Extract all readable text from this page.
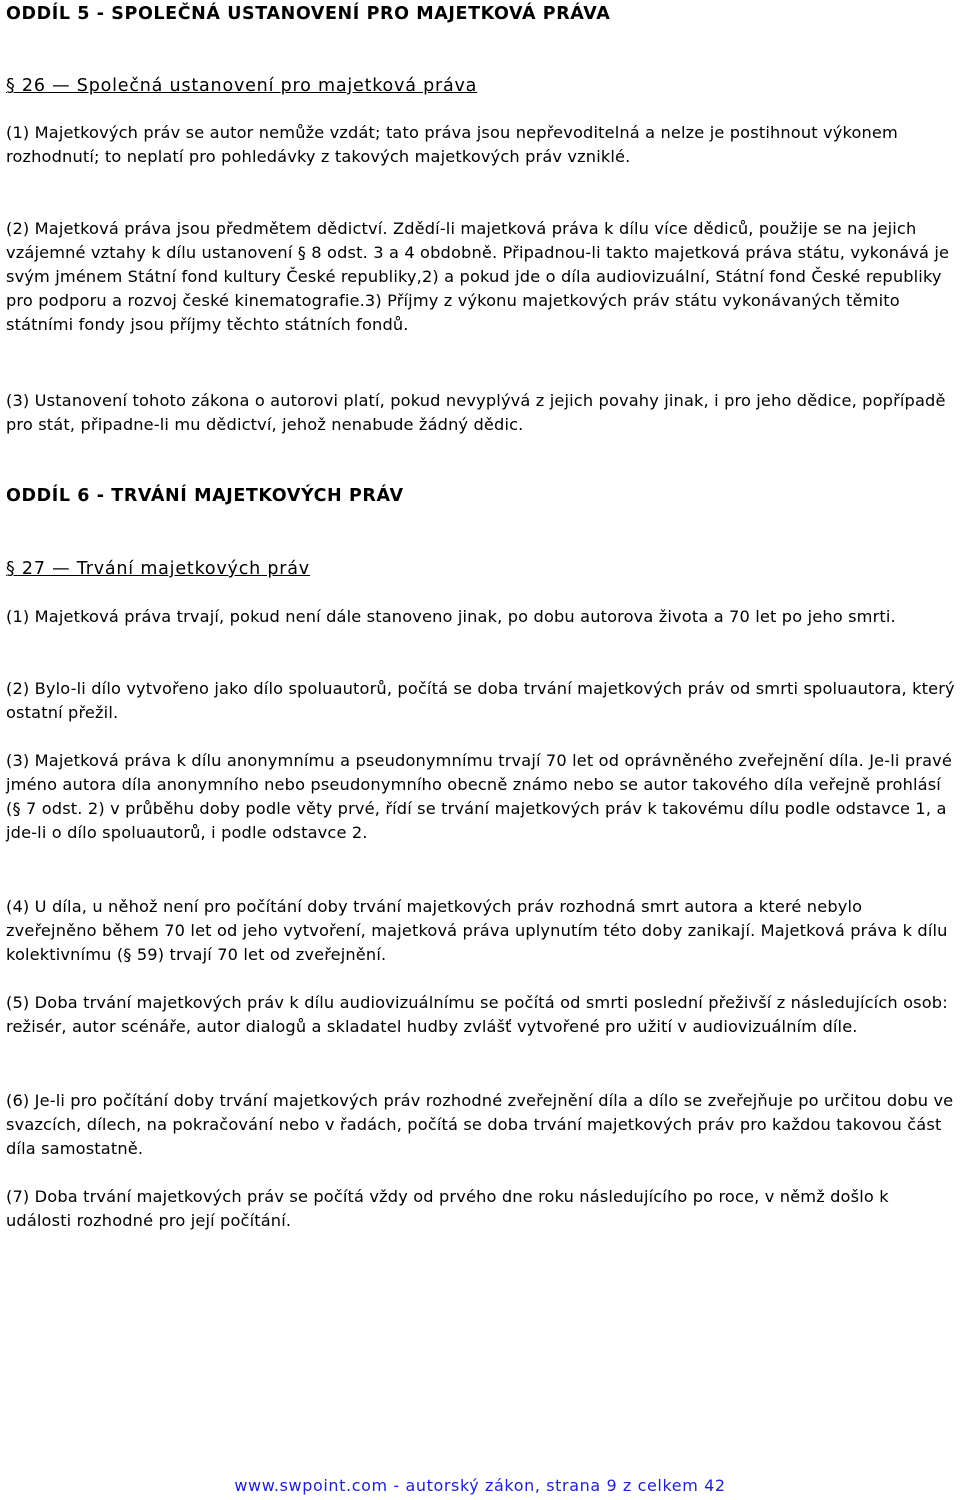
ODDÍL 5 - SPOLEČNÁ USTANOVENÍ PRO MAJETKOVÁ PRÁVA
§ 26 — Společná ustanovení pro majetková práva
(1) Majetkových práv se autor nemůže vzdát; tato práva jsou nepřevoditelná a nelze je postihnout výkonem rozhodnutí; to neplatí pro pohledávky z takových majetkových práv vzniklé.
(2) Majetková práva jsou předmětem dědictví. Zdědí-li majetková práva k dílu více dědiců, použije se na jejich vzájemné vztahy k dílu ustanovení § 8 odst. 3 a 4 obdobně. Připadnou-li takto majetková práva státu, vykonává je svým jménem Státní fond kultury České republiky,2) a pokud jde o díla audiovizuální, Státní fond České republiky pro podporu a rozvoj české kinematografie.3) Příjmy z výkonu majetkových práv státu vykonávaných těmito státními fondy jsou příjmy těchto státních fondů.
(3) Ustanovení tohoto zákona o autorovi platí, pokud nevyplývá z jejich povahy jinak, i pro jeho dědice, popřípadě pro stát, připadne-li mu dědictví, jehož nenabude žádný dědic.
ODDÍL 6 - TRVÁNÍ MAJETKOVÝCH PRÁV
§ 27 — Trvání majetkových práv
(1) Majetková práva trvají, pokud není dále stanoveno jinak, po dobu autorova života a 70 let po jeho smrti.
(2) Bylo-li dílo vytvořeno jako dílo spoluautorů, počítá se doba trvání majetkových práv od smrti spoluautora, který ostatní přežil.
(3) Majetková práva k dílu anonymnímu a pseudonymnímu trvají 70 let od oprávněného zveřejnění díla. Je-li pravé jméno autora díla anonymního nebo pseudonymního obecně známo nebo se autor takového díla veřejně prohlásí (§ 7 odst. 2) v průběhu doby podle věty prvé, řídí se trvání majetkových práv k takovému dílu podle odstavce 1, a jde-li o dílo spoluautorů, i podle odstavce 2.
(4) U díla, u něhož není pro počítání doby trvání majetkových práv rozhodná smrt autora a které nebylo zveřejněno během 70 let od jeho vytvoření, majetková práva uplynutím této doby zanikají. Majetková práva k dílu kolektivnímu (§ 59) trvají 70 let od zveřejnění.
(5) Doba trvání majetkových práv k dílu audiovizuálnímu se počítá od smrti poslední přeživší z následujících osob: režisér, autor scénáře, autor dialogů a skladatel hudby zvlášť vytvořené pro užití v audiovizuálním díle.
(6) Je-li pro počítání doby trvání majetkových práv rozhodné zveřejnění díla a dílo se zveřejňuje po určitou dobu ve svazcích, dílech, na pokračování nebo v řadách, počítá se doba trvání majetkových práv pro každou takovou část díla samostatně.
(7) Doba trvání majetkových práv se počítá vždy od prvého dne roku následujícího po roce, v němž došlo k události rozhodné pro její počítání.
www.swpoint.com - autorský zákon, strana 9 z celkem 42
